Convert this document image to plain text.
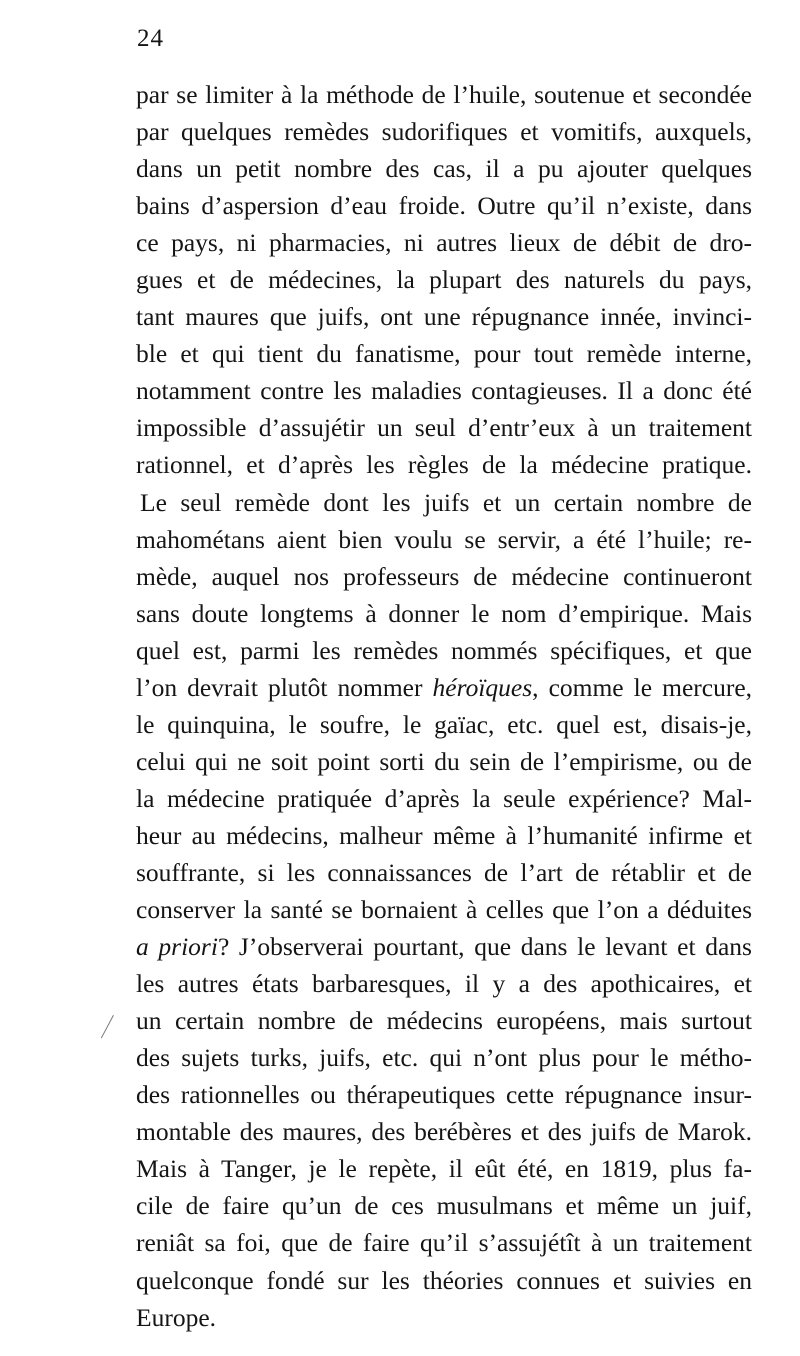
24
par se limiter à la méthode de l’huile, soutenue et secondée
par quelques remèdes sudorifiques et vomitifs, auxquels,
dans un petit nombre des cas, il a pu ajouter quelques
bains d’aspersion d’eau froide. Outre qu’il n’existe, dans
ce pays, ni pharmacies, ni autres lieux de débit de dro-
gues et de médecines, la plupart des naturels du pays,
tant maures que juifs, ont une répugnance innée, invinci-
ble et qui tient du fanatisme, pour tout remède interne,
notamment contre les maladies contagieuses. Il a donc été
impossible d’assujétir un seul d’entr’eux à un traitement
rationnel, et d’après les règles de la médecine pratique.
Le seul remède dont les juifs et un certain nombre de
mahométans aient bien voulu se servir, a été l’huile; re-
mède, auquel nos professeurs de médecine continueront
sans doute longtems à donner le nom d’empirique. Mais
quel est, parmi les remèdes nommés spécifiques, et que
l’on devrait plutôt nommer héroïques, comme le mercure,
le quinquina, le soufre, le gaïac, etc. quel est, disais-je,
celui qui ne soit point sorti du sein de l’empirisme, ou de
la médecine pratiquée d’après la seule expérience? Mal-
heur au médecins, malheur même à l’humanité infirme et
souffrante, si les connaissances de l’art de rétablir et de
conserver la santé se bornaient à celles que l’on a déduites
a priori? J’observerai pourtant, que dans le levant et dans
les autres états barbaresques, il y a des apothicaires, et
un certain nombre de médecins européens, mais surtout
des sujets turks, juifs, etc. qui n’ont plus pour le métho-
des rationnelles ou thérapeutiques cette répugnance insur-
montable des maures, des berébères et des juifs de Marok.
Mais à Tanger, je le repète, il eût été, en 1819, plus fa-
cile de faire qu’un de ces musulmans et même un juif,
reniât sa foi, que de faire qu’il s’assujétît à un traitement
quelconque fondé sur les théories connues et suivies en
Europe.
